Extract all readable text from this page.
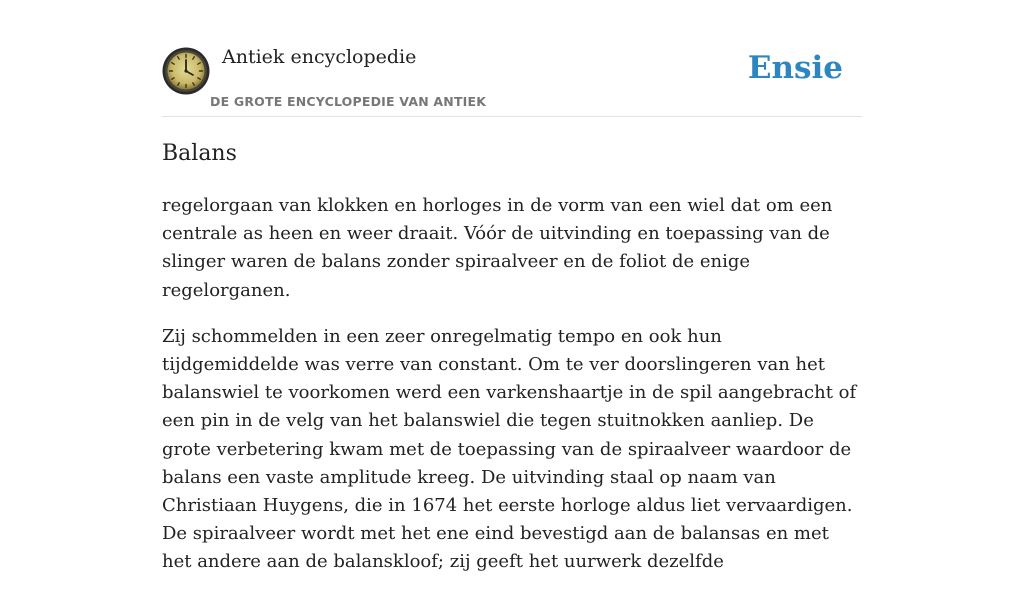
Antiek encyclopedie
DE GROTE ENCYCLOPEDIE VAN ANTIEK
Ensie
Balans

regelorgaan van klokken en horloges in de vorm van een wiel dat om een centrale as heen en weer draait. Vóór de uitvinding en toepassing van de slinger waren de balans zonder spiraalveer en de foliot de enige regelorganen.

Zij schommelden in een zeer onregelmatig tempo en ook hun tijdgemiddelde was verre van constant. Om te ver doorslingeren van het balanswiel te voorkomen werd een varkenshaartje in de spil aangebracht of een pin in de velg van het balanswiel die tegen stuitnokken aanliep. De grote verbetering kwam met de toepassing van de spiraalveer waardoor de balans een vaste amplitude kreeg. De uitvinding staal op naam van Christiaan Huygens, die in 1674 het eerste horloge aldus liet vervaardigen. De spiraalveer wordt met het ene eind bevestigd aan de balansas en met het andere aan de balanskloof; zij geeft het uurwerk dezelfde
